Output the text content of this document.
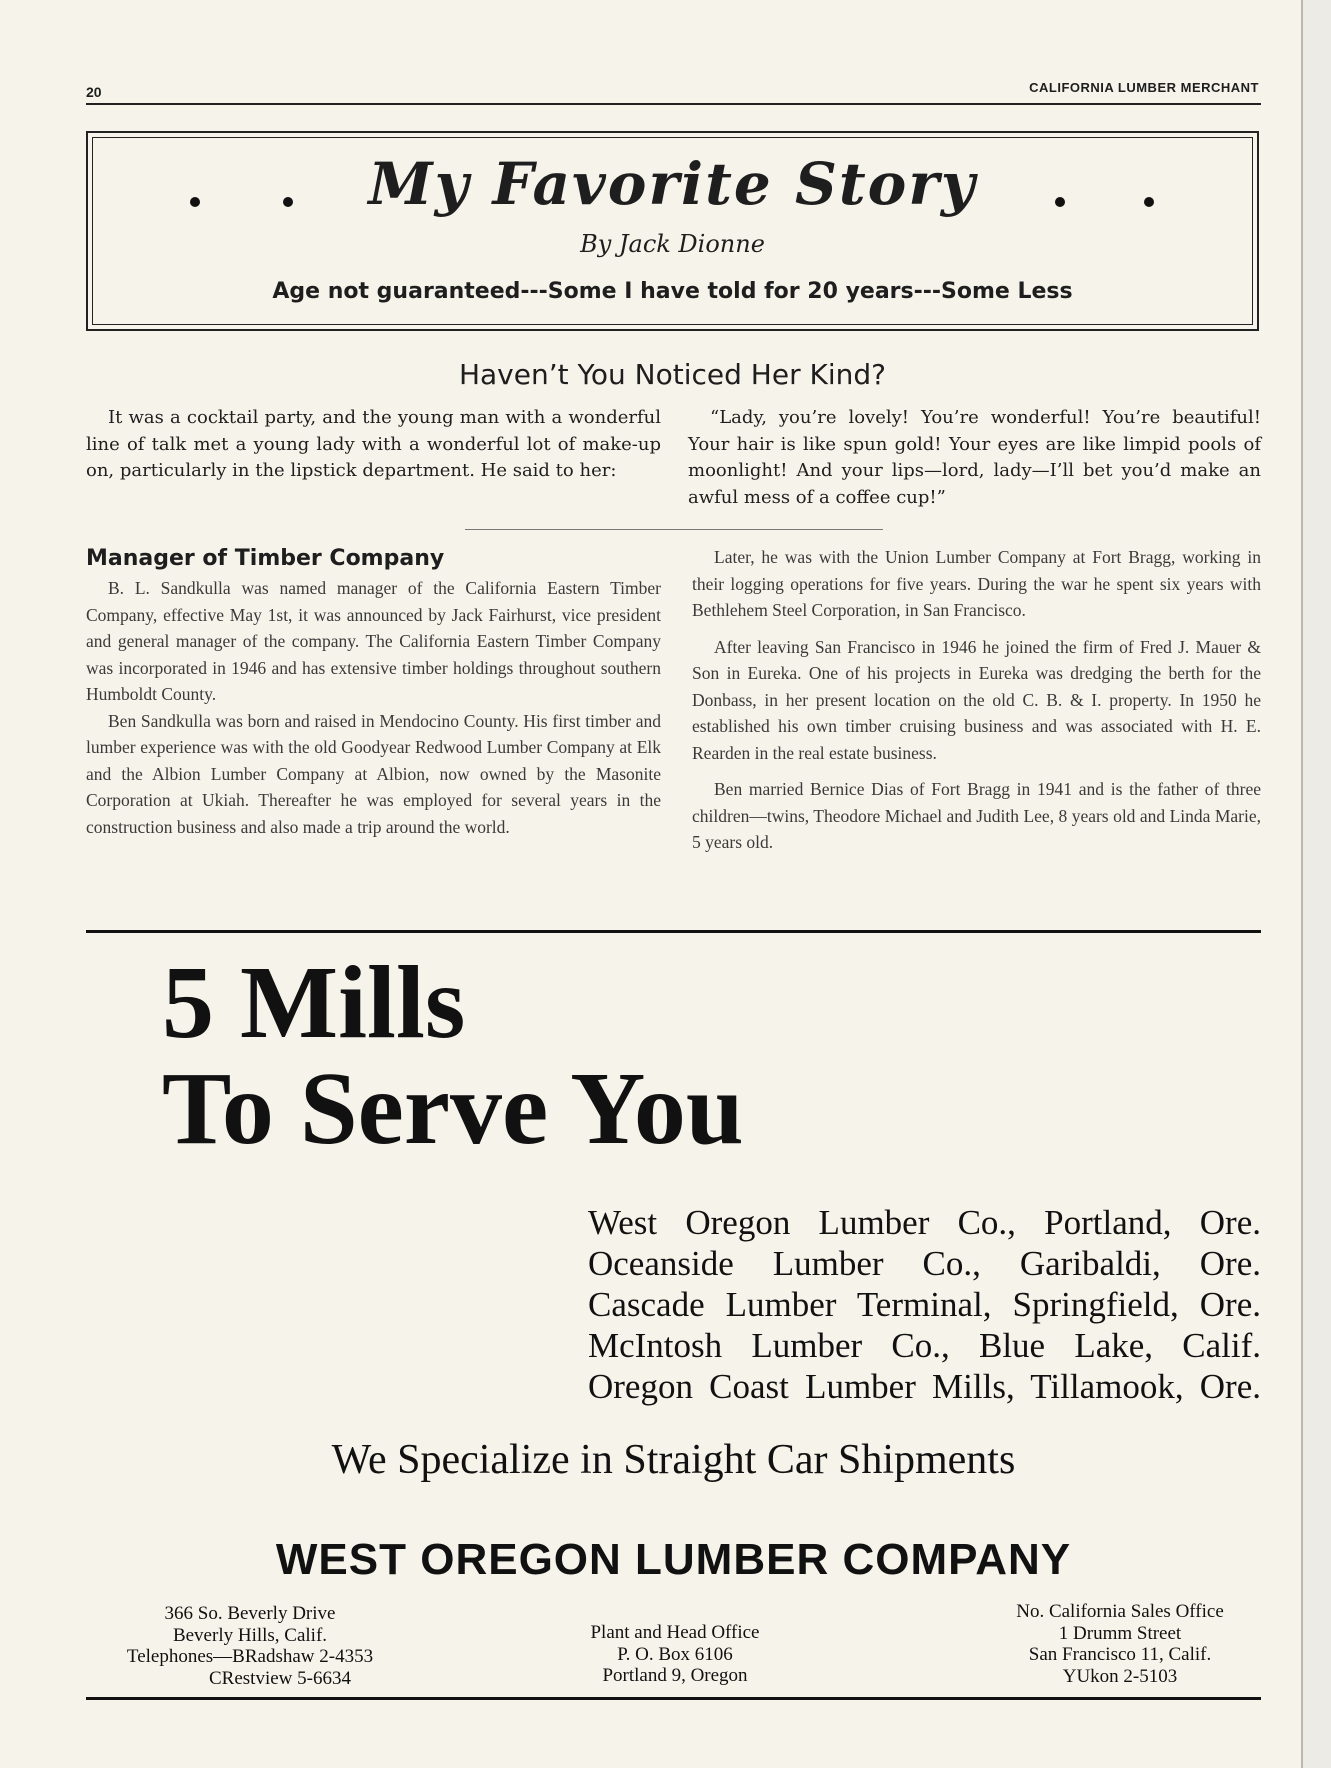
20	CALIFORNIA LUMBER MERCHANT
My Favorite Story
By Jack Dionne
Age not guaranteed---Some I have told for 20 years---Some Less
Haven’t You Noticed Her Kind?

It was a cocktail party, and the young man with a wonderful line of talk met a young lady with a wonderful lot of make-up on, particularly in the lipstick department. He said to her:

“Lady, you’re lovely! You’re wonderful! You’re beautiful! Your hair is like spun gold! Your eyes are like limpid pools of moonlight! And your lips—lord, lady—I’ll bet you’d make an awful mess of a coffee cup!”

Manager of Timber Company

B. L. Sandkulla was named manager of the California Eastern Timber Company, effective May 1st, it was announced by Jack Fairhurst, vice president and general manager of the company. The California Eastern Timber Company was incorporated in 1946 and has extensive timber holdings throughout southern Humboldt County.

Ben Sandkulla was born and raised in Mendocino County. His first timber and lumber experience was with the old Goodyear Redwood Lumber Company at Elk and the Albion Lumber Company at Albion, now owned by the Masonite Corporation at Ukiah. Thereafter he was employed for several years in the construction business and also made a trip around the world.

Later, he was with the Union Lumber Company at Fort Bragg, working in their logging operations for five years. During the war he spent six years with Bethlehem Steel Corporation, in San Francisco.

After leaving San Francisco in 1946 he joined the firm of Fred J. Mauer & Son in Eureka. One of his projects in Eureka was dredging the berth for the Donbass, in her present location on the old C. B. & I. property. In 1950 he established his own timber cruising business and was associated with H. E. Rearden in the real estate business.

Ben married Bernice Dias of Fort Bragg in 1941 and is the father of three children—twins, Theodore Michael and Judith Lee, 8 years old and Linda Marie, 5 years old.

5 Mills
To Serve You
West Oregon Lumber Co., Portland, Ore.
Oceanside Lumber Co., Garibaldi, Ore.
Cascade Lumber Terminal, Springfield, Ore.
McIntosh Lumber Co., Blue Lake, Calif.
Oregon Coast Lumber Mills, Tillamook, Ore.
We Specialize in Straight Car Shipments
WEST OREGON LUMBER COMPANY
366 So. Beverly Drive
Beverly Hills, Calif.
Telephones—BRadshaw 2-4353
CRestview 5-6634
Plant and Head Office
P. O. Box 6106
Portland 9, Oregon
No. California Sales Office
1 Drumm Street
San Francisco 11, Calif.
YUkon 2-5103
